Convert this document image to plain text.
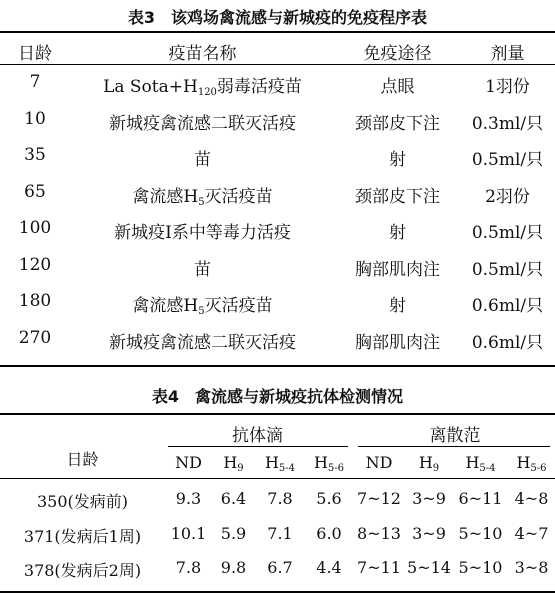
表3　该鸡场禽流感与新城疫的免疫程序表
日龄	疫苗名称	免疫途径	剂量
7	La $Sota+H_{120}$弱毒活疫苗	点眼	1羽份
10	新城疫禽流感二联灭活疫	颈部皮下注	0.3ml/只
35	苗	射	0.5ml/只
65	禽流感$H_5$灭活疫苗	颈部皮下注	2羽份
100	新城疫Ⅰ系中等毒力活疫	射	0.5ml/只
120	苗	胸部肌肉注	0.5ml/只
180	禽流感$H_5$灭活疫苗	射	0.6ml/只
270	新城疫禽流感二联灭活疫	胸部肌肉注	0.6ml/只
表4　禽流感与新城疫抗体检测情况
日龄
抗体滴	离散范
ND	$H_9$	$H_{5-4}$	$H_{5-6}$	ND	$H_9$	$H_{5-4}$	$H_{5-6}$
350(发病前)	9.3	6.4	7.8	5.6 7~12 3~9 6~11 4~8
371(发病后1周)	10.1 5.9	7.1	6.0 8~13 3~9 5~10 4~7
378(发病后2周)	7.8	9.8	6.7	4.4 7~11 5~14 5~10 3~8
